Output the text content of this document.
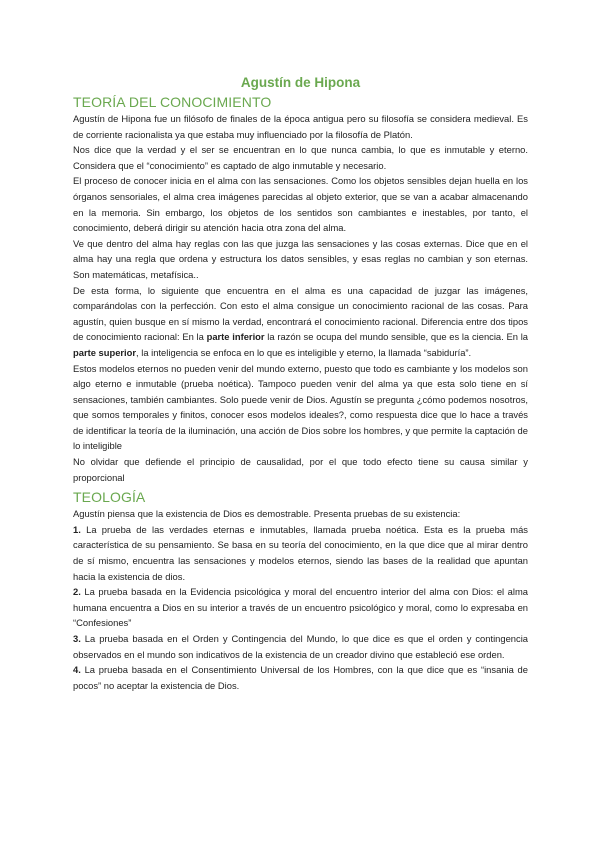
Agustín de Hipona
TEORÍA DEL CONOCIMIENTO

Agustín de Hipona fue un filósofo de finales de la época antigua pero su filosofía se considera medieval. Es de corriente racionalista ya que estaba muy influenciado por la filosofía de Platón.

Nos dice que la verdad y el ser se encuentran en lo que nunca cambia, lo que es inmutable y eterno. Considera que el “conocimiento” es captado de algo inmutable y necesario.

El proceso de conocer inicia en el alma con las sensaciones. Como los objetos sensibles dejan huella en los órganos sensoriales, el alma crea imágenes parecidas al objeto exterior, que se van a acabar almacenando en la memoria. Sin embargo, los objetos de los sentidos son cambiantes e inestables, por tanto, el conocimiento, deberá dirigir su atención hacia otra zona del alma.

Ve que dentro del alma hay reglas con las que juzga las sensaciones y las cosas externas. Dice que en el alma hay una regla que ordena y estructura los datos sensibles, y esas reglas no cambian y son eternas. Son matemáticas, metafísica..

De esta forma, lo siguiente que encuentra en el alma es una capacidad de juzgar las imágenes, comparándolas con la perfección. Con esto el alma consigue un conocimiento racional de las cosas. Para agustín, quien busque en sí mismo la verdad, encontrará el conocimiento racional. Diferencia entre dos tipos de conocimiento racional: En la parte inferior la razón se ocupa del mundo sensible, que es la ciencia. En la parte superior, la inteligencia se enfoca en lo que es inteligible y eterno, la llamada “sabiduría”.

Estos modelos eternos no pueden venir del mundo externo, puesto que todo es cambiante y los modelos son algo eterno e inmutable (prueba noética). Tampoco pueden venir del alma ya que esta solo tiene en sí sensaciones, también cambiantes. Solo puede venir de Dios. Agustín se pregunta ¿cómo podemos nosotros, que somos temporales y finitos, conocer esos modelos ideales?, como respuesta dice que lo hace a través de identificar la teoría de la iluminación, una acción de Dios sobre los hombres, y que permite la captación de lo inteligible

No olvidar que defiende el principio de causalidad, por el que todo efecto tiene su causa similar y proporcional

TEOLOGÍA

Agustín piensa que la existencia de Dios es demostrable. Presenta pruebas de su existencia:

1. La prueba de las verdades eternas e inmutables, llamada prueba noética. Esta es la prueba más característica de su pensamiento. Se basa en su teoría del conocimiento, en la que dice que al mirar dentro de sí mismo, encuentra las sensaciones y modelos eternos, siendo las bases de la realidad que apuntan hacia la existencia de dios.

2. La prueba basada en la Evidencia psicológica y moral del encuentro interior del alma con Dios: el alma humana encuentra a Dios en su interior a través de un encuentro psicológico y moral, como lo expresaba en “Confesiones”

3. La prueba basada en el Orden y Contingencia del Mundo, lo que dice es que el orden y contingencia observados en el mundo son indicativos de la existencia de un creador divino que estableció ese orden.

4. La prueba basada en el Consentimiento Universal de los Hombres, con la que dice que es “insania de pocos” no aceptar la existencia de Dios.
